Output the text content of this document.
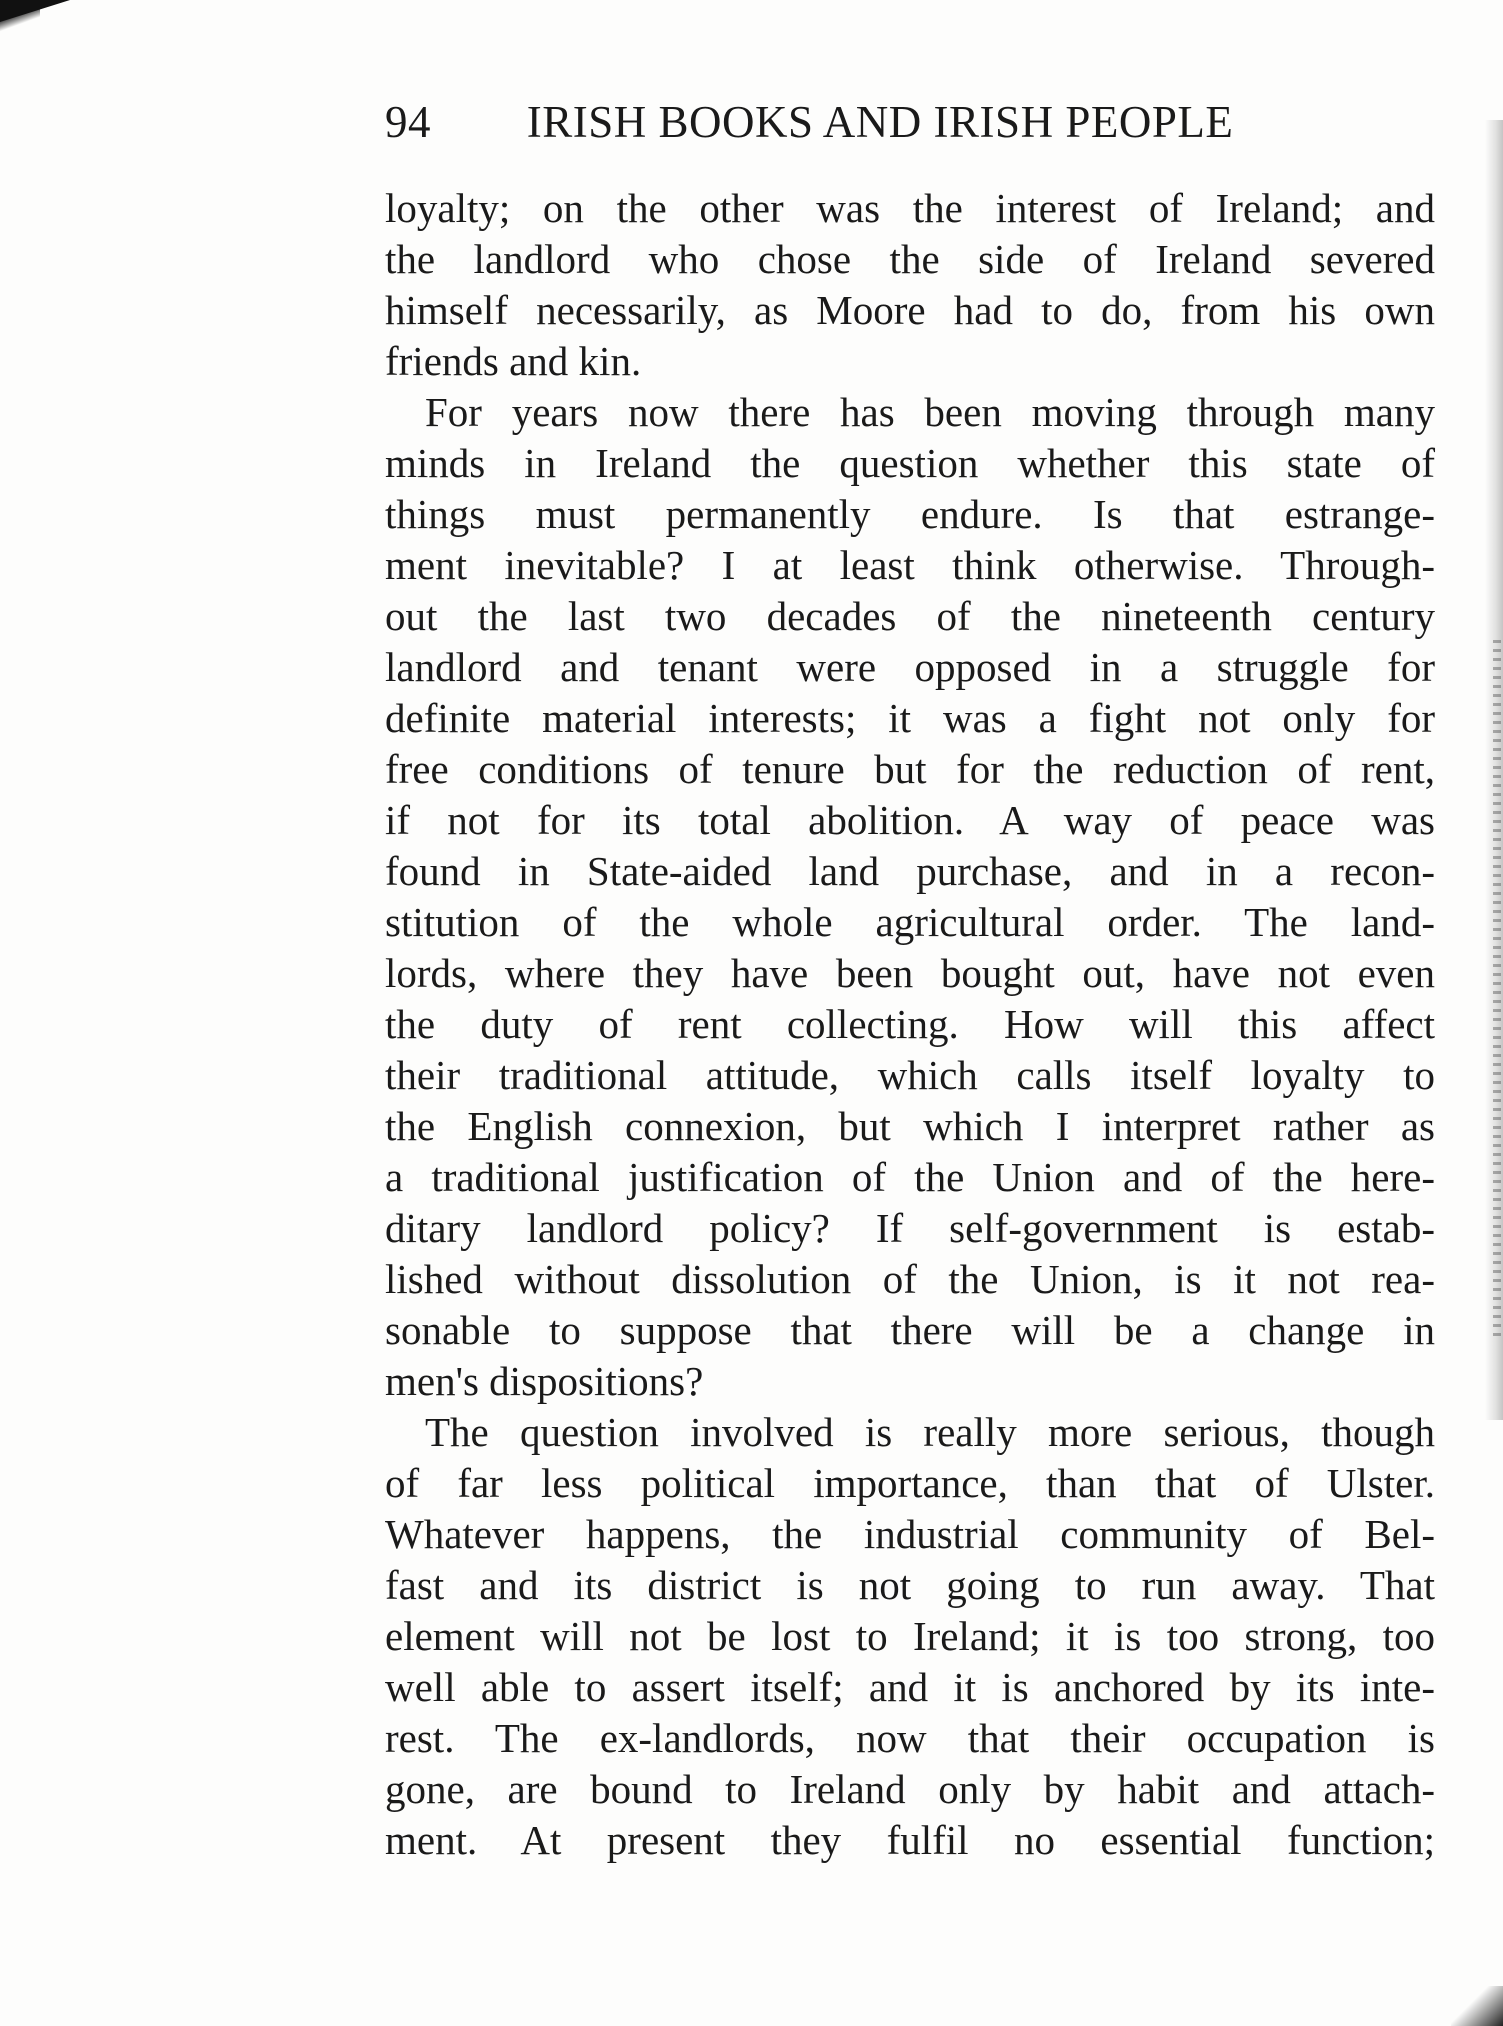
94 IRISH BOOKS AND IRISH PEOPLE
loyalty; on the other was the interest of Ireland; and
the landlord who chose the side of Ireland severed
himself necessarily, as Moore had to do, from his own
friends and kin.
For years now there has been moving through many
minds in Ireland the question whether this state of
things must permanently endure. Is that estrange-
ment inevitable? I at least think otherwise. Through-
out the last two decades of the nineteenth century
landlord and tenant were opposed in a struggle for
definite material interests; it was a fight not only for
free conditions of tenure but for the reduction of rent,
if not for its total abolition. A way of peace was
found in State-aided land purchase, and in a recon-
stitution of the whole agricultural order. The land-
lords, where they have been bought out, have not even
the duty of rent collecting. How will this affect
their traditional attitude, which calls itself loyalty to
the English connexion, but which I interpret rather as
a traditional justification of the Union and of the here-
ditary landlord policy? If self-government is estab-
lished without dissolution of the Union, is it not rea-
sonable to suppose that there will be a change in
men's dispositions?
The question involved is really more serious, though
of far less political importance, than that of Ulster.
Whatever happens, the industrial community of Bel-
fast and its district is not going to run away. That
element will not be lost to Ireland; it is too strong, too
well able to assert itself; and it is anchored by its inte-
rest. The ex-landlords, now that their occupation is
gone, are bound to Ireland only by habit and attach-
ment. At present they fulfil no essential function;
